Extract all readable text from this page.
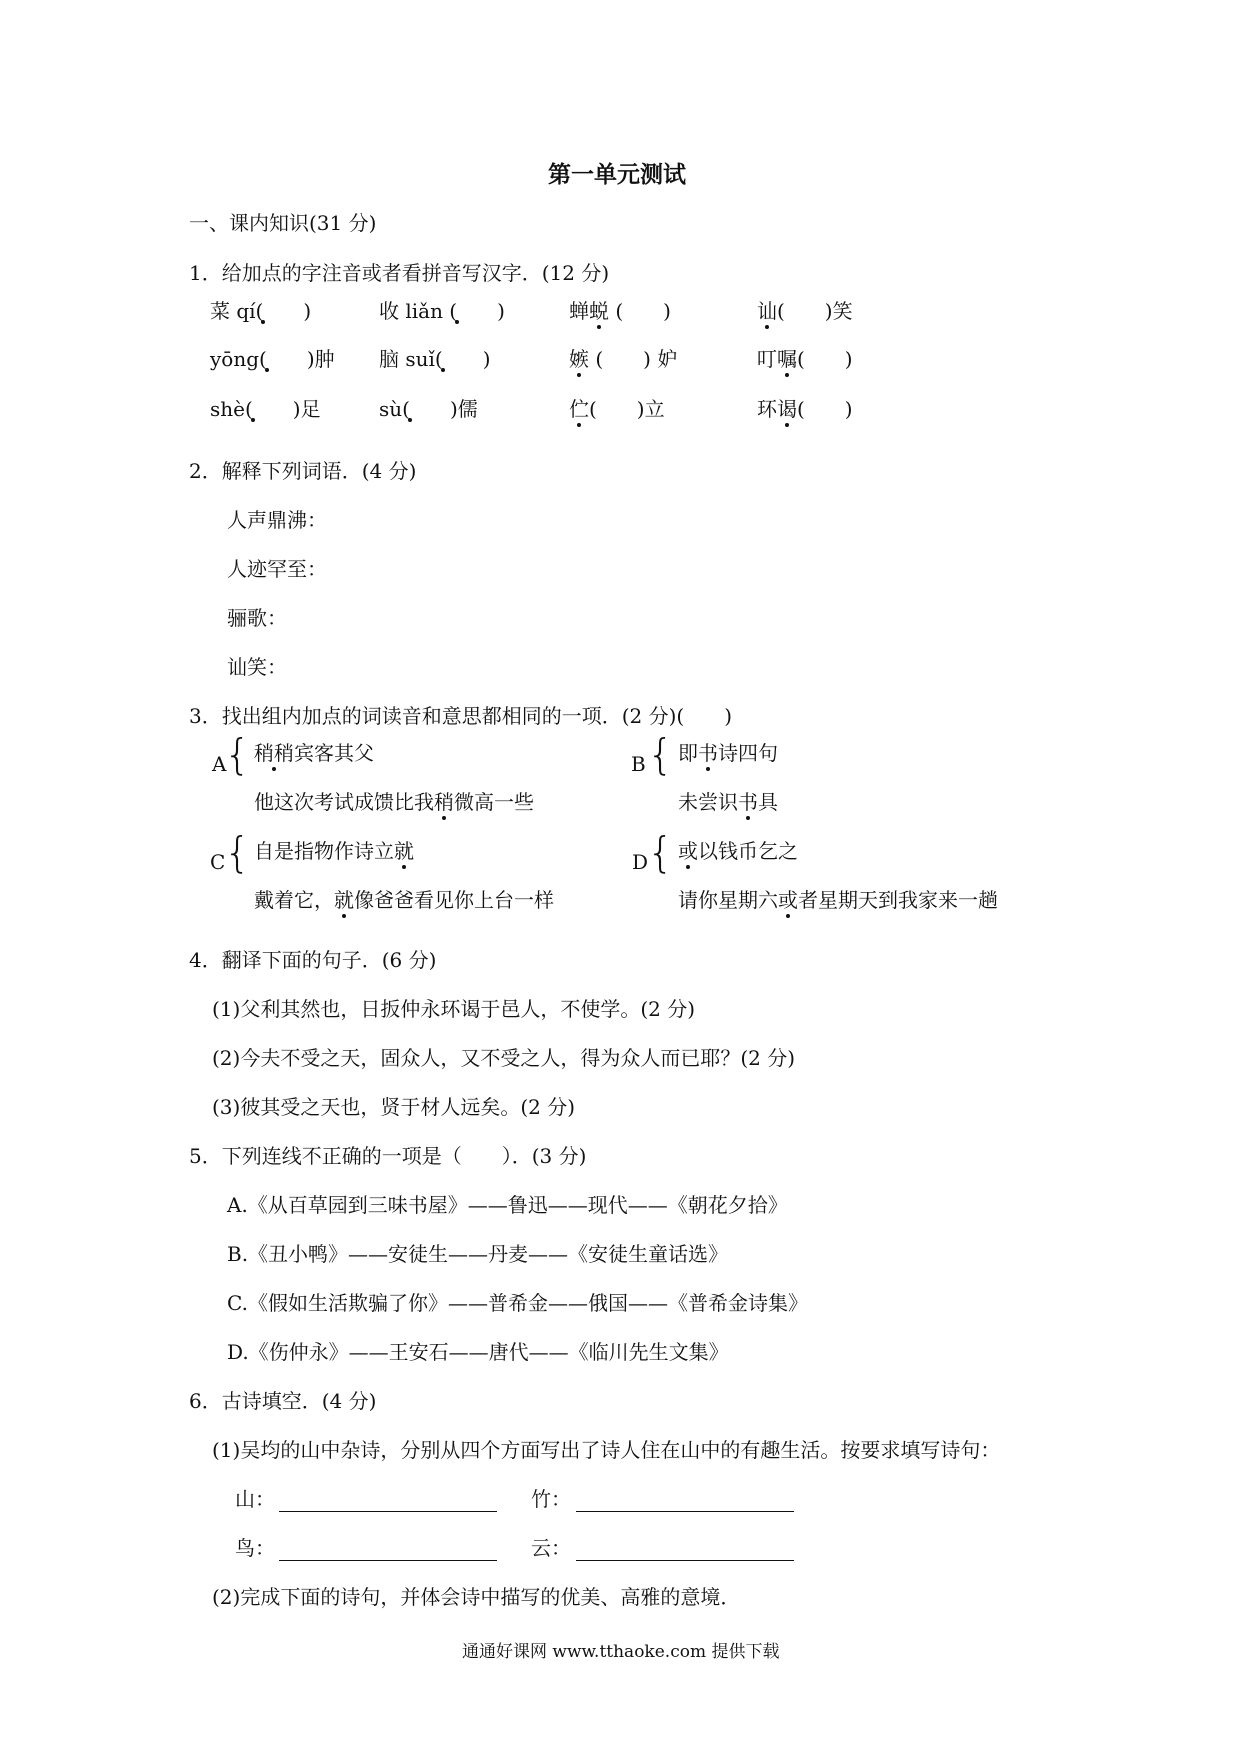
第一单元测试
一、课内知识(31 分)
1．给加点的字注音或者看拼音写汉字．(12 分)
菜 qí(　　)	收 liǎn (　　)	蝉蜕 (　　)	讪(　　)笑
yōng(　　)肿 脑 suǐ(　　)	嫉 (　　) 妒	叮嘱(　　)
shè(　　)足	sù(　　)儒	伫(　　)立	环谒(　　)
2．解释下列词语．(4 分)
人声鼎沸：
人迹罕至：
骊歌：
讪笑：
3．找出组内加点的词读音和意思都相同的一项．(2 分)(　　)
A
{ 稍稍宾客其父
他这次考试成馈比我稍微高一些
B { 即书诗四句
未尝识书具
C
{ 自是指物作诗立就
戴着它，就像爸爸看见你上台一样
D
{ 或以钱币乞之
请你星期六或者星期天到我家来一趟
4．翻译下面的句子．(6 分)
(1)父利其然也，日扳仲永环谒于邑人，不使学。(2 分)
(2)今夫不受之天，固众人，又不受之人，得为众人而已耶？(2 分)
(3)彼其受之天也，贤于材人远矣。(2 分)
5．下列连线不正确的一项是（　　）．(3 分)
A.《从百草园到三味书屋》——鲁迅——现代——《朝花夕拾》
B.《丑小鸭》——安徒生——丹麦——《安徒生童话选》
C.《假如生活欺骗了你》——普希金——俄国——《普希金诗集》
D.《伤仲永》——王安石——唐代——《临川先生文集》
6．古诗填空．(4 分)
(1)吴均的山中杂诗，分别从四个方面写出了诗人住在山中的有趣生活。按要求填写诗句：
山：	竹：
鸟：	云：
(2)完成下面的诗句，并体会诗中描写的优美、高雅的意境．
通通好课网 www.tthaoke.com 提供下载
